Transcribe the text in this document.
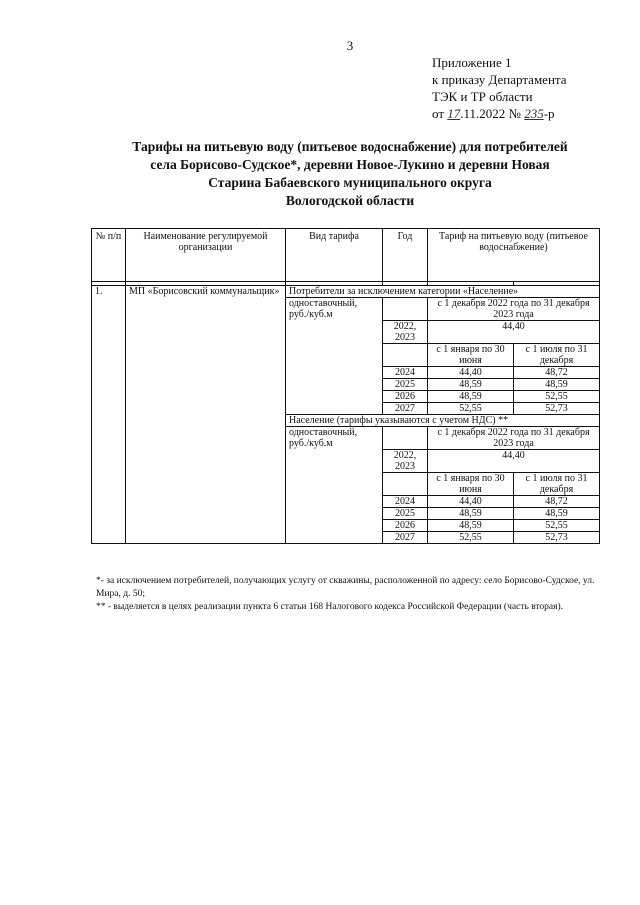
3
Приложение 1
к приказу Департамента
ТЭК и ТР области
от 17.11.2022 № 235-р
Тарифы на питьевую воду (питьевое водоснабжение) для потребителей
села Борисово-Судское*, деревни Новое-Лукино и деревни Новая
Старина Бабаевского муниципального округа
Вологодской области
№ п/п	Наименование регулируемой организации	Вид тарифа	Год	Тариф на питьевую воду (питьевое водоснабжение)	

1.	МП «Борисовский коммунальщик»	Потребители за исключением категории «Население»			
		одноставочный, руб./куб.м		с 1 декабря 2022 года по 31 декабря 2023 года	
			2022, 2023	44,40	
				с 1 января по 30 июня	с 1 июля по 31 декабря
			2024	44,40	48,72
			2025	48,59	48,59
			2026	48,59	52,55
			2027	52,55	52,73
		Население (тарифы указываются с учетом НДС) **			
		одноставочный, руб./куб.м		с 1 декабря 2022 года по 31 декабря 2023 года	
			2022, 2023	44,40	
				с 1 января по 30 июня	с 1 июля по 31 декабря
			2024	44,40	48,72
			2025	48,59	48,59
			2026	48,59	52,55
			2027	52,55	52,73
*- за исключением потребителей, получающих услугу от скважины, расположенной по адресу: село Борисово-Судское, ул. Мира, д. 50;
** - выделяется в целях реализации пункта 6 статьи 168 Налогового кодекса Российской Федерации (часть вторая).
